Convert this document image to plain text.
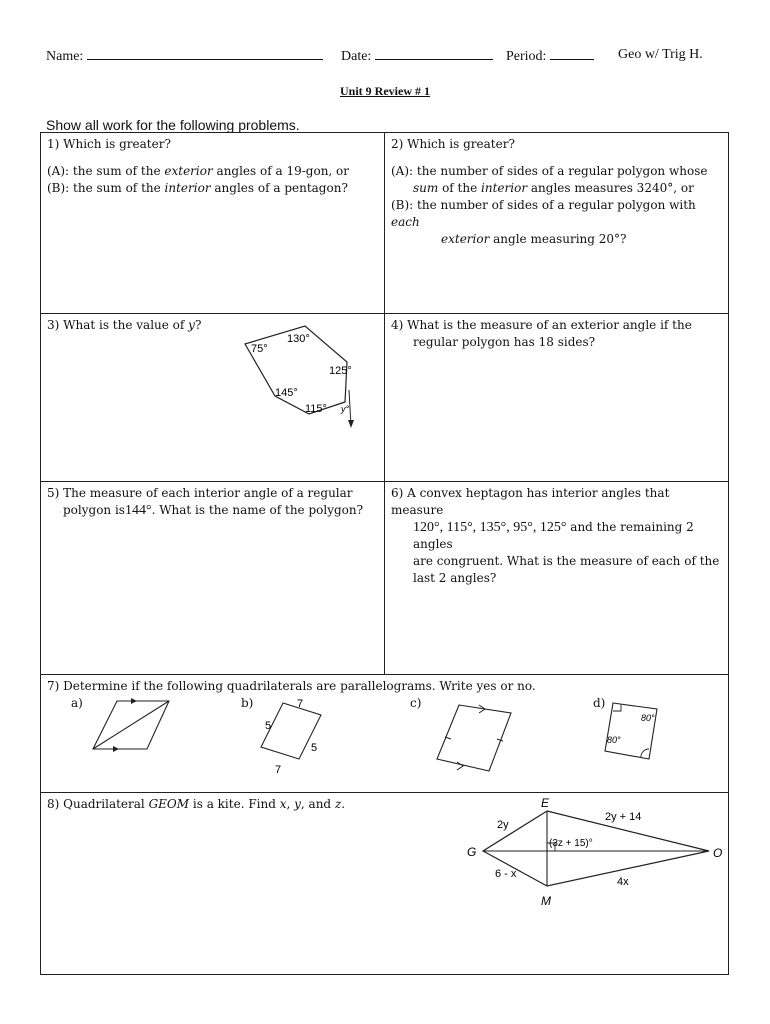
Name:	Date:	Period:	Geo w/ Trig H.
Unit 9 Review # 1
Show all work for the following problems.

1) Which is greater?

(A): the sum of the exterior angles of a 19-gon, or

(B): the sum of the interior angles of a pentagon?

2) Which is greater?

(A): the number of sides of a regular polygon whose

sum of the interior angles measures 3240°, or

(B): the number of sides of a regular polygon with each

exterior angle measuring 20°?

3) What is the value of y?

75°
130°
125°
145°
115° y°

4) What is the measure of an exterior angle if the

regular polygon has 18 sides?

5) The measure of each interior angle of a regular

polygon is144°. What is the name of the polygon?

6) A convex heptagon has interior angles that measure

120°, 115°, 135°, 95°, 125° and the remaining 2 angles

are congruent. What is the measure of each of the

last 2 angles?

7) Determine if the following quadrilaterals are parallelograms. Write yes or no.

a)	b)	c)	d)
7
5
5
7
80°
80°

8) Quadrilateral GEOM is a kite. Find x, y, and z.	E
G	O
M
2y
2y + 14
(3z + 15)°
6 - x
4x
